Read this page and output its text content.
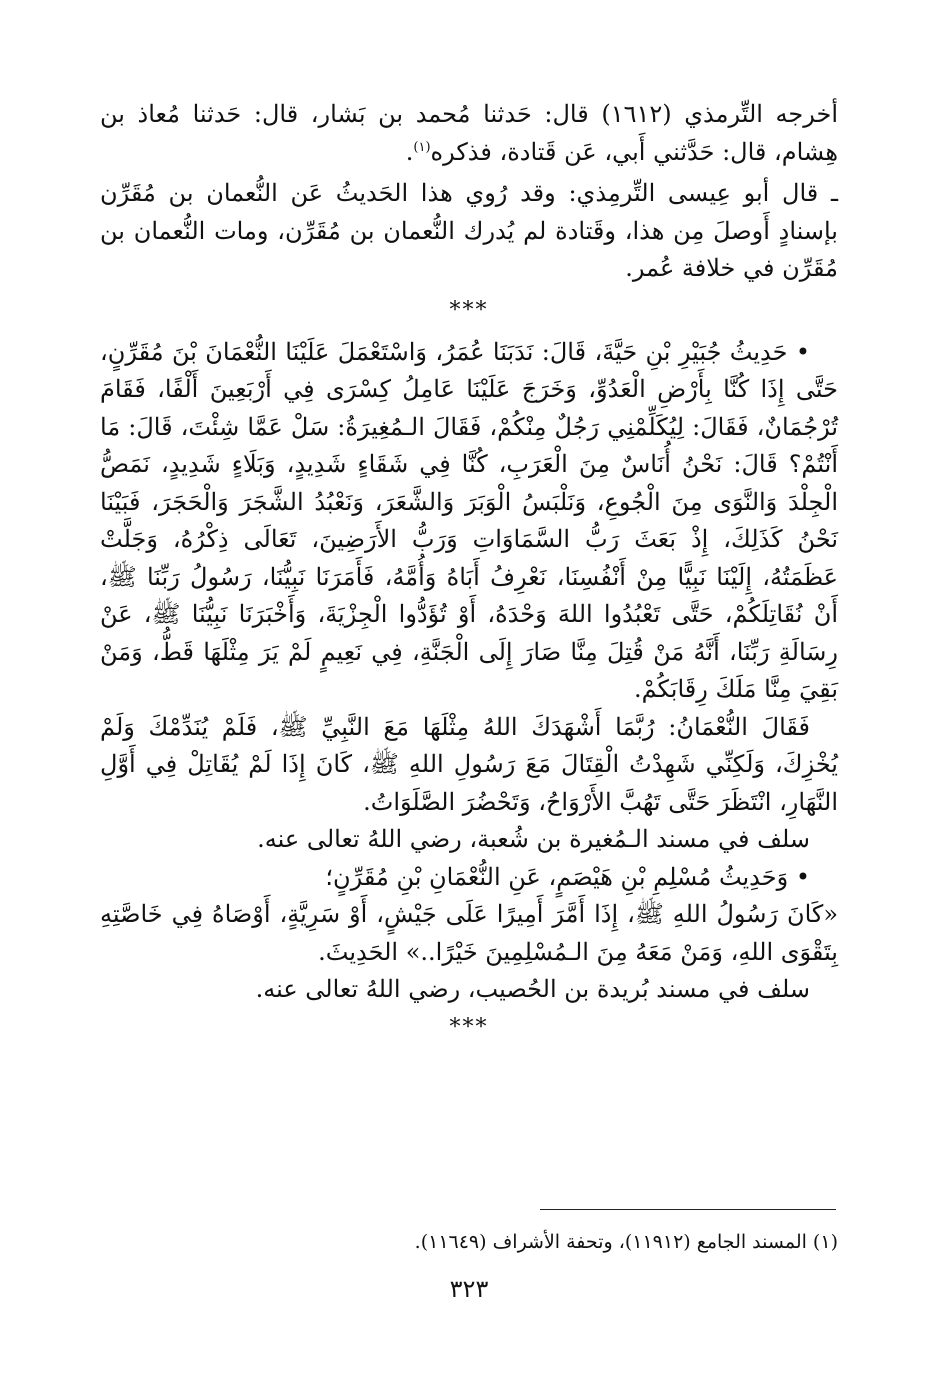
أخرجه التِّرمذي (١٦١٢) قال: حَدثنا مُحمد بن بَشار، قال: حَدثنا مُعاذ بن هِشام، قال: حَدَّثني أَبي، عَن قَتادة، فذكره$^{(١)}$.

ـ قال أبو عِيسى التِّرمِذي: وقد رُوي هذا الحَديثُ عَن النُّعمان بن مُقَرِّن بإسنادٍ أَوصلَ مِن هذا، وقَتادة لم يُدرك النُّعمان بن مُقَرِّن، ومات النُّعمان بن مُقَرِّن في خلافة عُمر.

***

• حَدِيثُ جُبَيْرِ بْنِ حَيَّةَ، قَالَ: نَدَبَنَا عُمَرُ، وَاسْتَعْمَلَ عَلَيْنَا النُّعْمَانَ بْنَ مُقَرِّنٍ، حَتَّى إِذَا كُنَّا بِأَرْضِ الْعَدُوِّ، وَخَرَجَ عَلَيْنَا عَامِلُ كِسْرَى فِي أَرْبَعِينَ أَلْفًا، فَقَامَ تُرْجُمَانٌ، فَقَالَ: لِيُكَلِّمْنِي رَجُلٌ مِنْكُمْ، فَقَالَ الـمُغِيرَةُ: سَلْ عَمَّا شِئْتَ، قَالَ: مَا أَنْتُمْ؟ قَالَ: نَحْنُ أُنَاسٌ مِنَ الْعَرَبِ، كُنَّا فِي شَقَاءٍ شَدِيدٍ، وَبَلَاءٍ شَدِيدٍ، نَمَصُّ الْجِلْدَ وَالنَّوَى مِنَ الْجُوعِ، وَنَلْبَسُ الْوَبَرَ وَالشَّعَرَ، وَنَعْبُدُ الشَّجَرَ وَالْحَجَرَ، فَبَيْنَا نَحْنُ كَذَلِكَ، إِذْ بَعَثَ رَبُّ السَّمَاوَاتِ وَرَبُّ الأَرَضِينَ، تَعَالَى ذِكْرُهُ، وَجَلَّتْ عَظَمَتُهُ، إِلَيْنَا نَبِيًّا مِنْ أَنْفُسِنَا، نَعْرِفُ أَبَاهُ وَأُمَّهُ، فَأَمَرَنَا نَبِيُّنَا، رَسُولُ رَبِّنَا ﷺ، أَنْ نُقَاتِلَكُمْ، حَتَّى تَعْبُدُوا اللهَ وَحْدَهُ، أَوْ تُؤَدُّوا الْجِزْيَةَ، وَأَخْبَرَنَا نَبِيُّنَا ﷺ، عَنْ رِسَالَةِ رَبِّنَا، أَنَّهُ مَنْ قُتِلَ مِنَّا صَارَ إِلَى الْجَنَّةِ، فِي نَعِيمٍ لَمْ يَرَ مِثْلَهَا قَطُّ، وَمَنْ بَقِيَ مِنَّا مَلَكَ رِقَابَكُمْ.

فَقَالَ النُّعْمَانُ: رُبَّمَا أَشْهَدَكَ اللهُ مِثْلَهَا مَعَ النَّبِيِّ ﷺ، فَلَمْ يُنَدِّمْكَ وَلَمْ يُخْزِكَ، وَلَكِنِّي شَهِدْتُ الْقِتَالَ مَعَ رَسُولِ اللهِ ﷺ، كَانَ إِذَا لَمْ يُقَاتِلْ فِي أَوَّلِ النَّهَارِ، انْتَظَرَ حَتَّى تَهُبَّ الأَرْوَاحُ، وَتَحْضُرَ الصَّلَوَاتُ.

سلف في مسند الـمُغيرة بن شُعبة، رضي اللهُ تعالى عنه.

• وَحَدِيثُ مُسْلِمِ بْنِ هَيْصَمٍ، عَنِ النُّعْمَانِ بْنِ مُقَرِّنٍ؛

«كَانَ رَسُولُ اللهِ ﷺ، إِذَا أَمَّرَ أَمِيرًا عَلَى جَيْشٍ، أَوْ سَرِيَّةٍ، أَوْصَاهُ فِي خَاصَّتِهِ بِتَقْوَى اللهِ، وَمَنْ مَعَهُ مِنَ الـمُسْلِمِينَ خَيْرًا..» الحَدِيثَ.

سلف في مسند بُريدة بن الحُصيب، رضي اللهُ تعالى عنه.

***
(١) المسند الجامع (١١٩١٢)، وتحفة الأشراف (١١٦٤٩).
٣٢٣
